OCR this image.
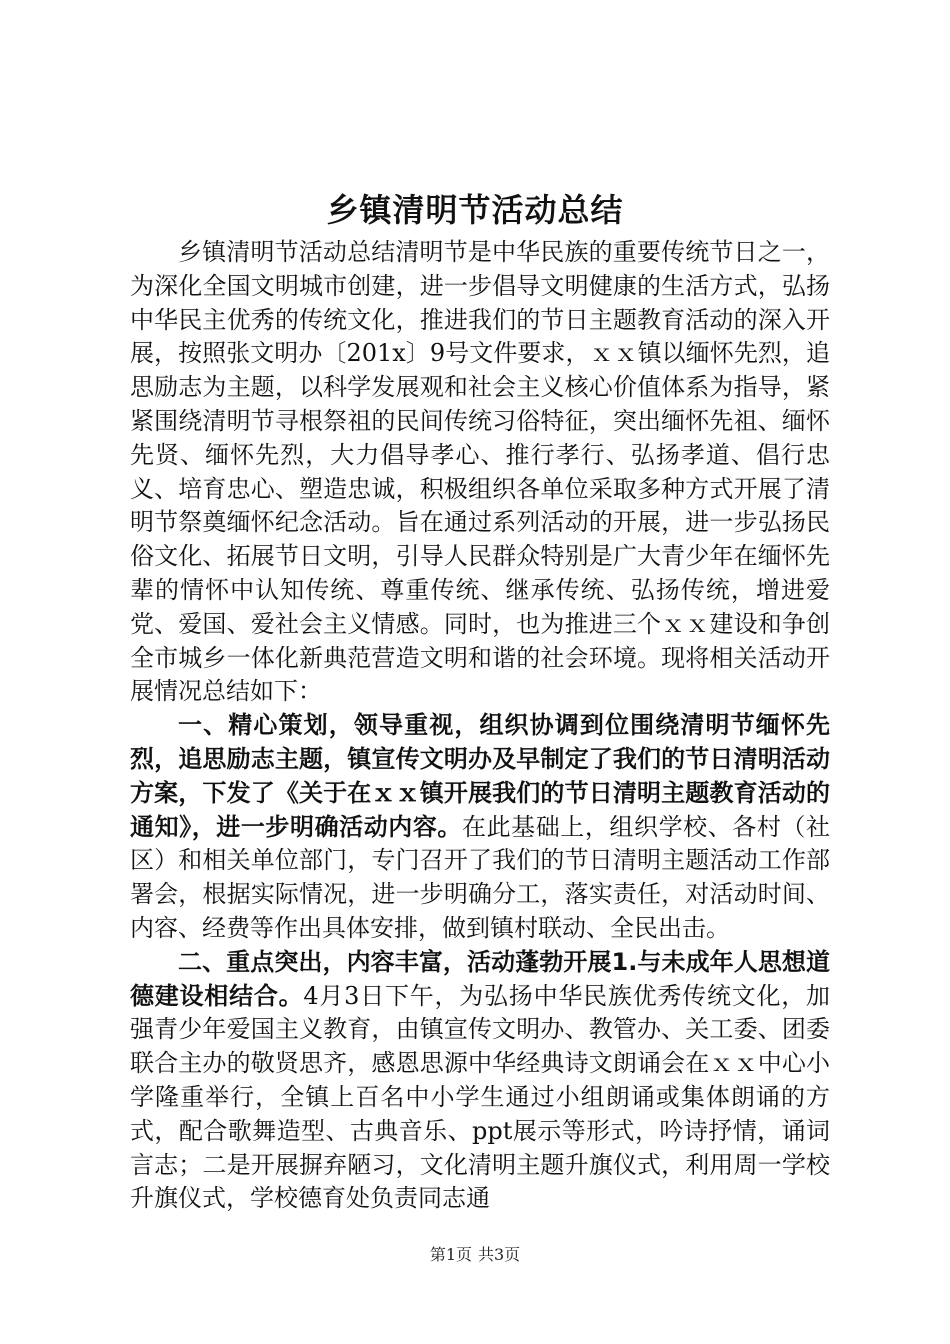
乡镇清明节活动总结

乡镇清明节活动总结清明节是中华民族的重要传统节日之一，为深化全国文明城市创建，进一步倡导文明健康的生活方式，弘扬中华民主优秀的传统文化，推进我们的节日主题教育活动的深入开展，按照张文明办〔201x〕9号文件要求，ｘｘ镇以缅怀先烈，追思励志为主题，以科学发展观和社会主义核心价值体系为指导，紧紧围绕清明节寻根祭祖的民间传统习俗特征，突出缅怀先祖、缅怀先贤、缅怀先烈，大力倡导孝心、推行孝行、弘扬孝道、倡行忠义、培育忠心、塑造忠诚，积极组织各单位采取多种方式开展了清明节祭奠缅怀纪念活动。旨在通过系列活动的开展，进一步弘扬民俗文化、拓展节日文明，引导人民群众特别是广大青少年在缅怀先辈的情怀中认知传统、尊重传统、继承传统、弘扬传统，增进爱党、爱国、爱社会主义情感。同时，也为推进三个ｘｘ建设和争创全市城乡一体化新典范营造文明和谐的社会环境。现将相关活动开展情况总结如下：

一、精心策划，领导重视，组织协调到位围绕清明节缅怀先烈，追思励志主题，镇宣传文明办及早制定了我们的节日清明活动方案，下发了《关于在ｘｘ镇开展我们的节日清明主题教育活动的通知》，进一步明确活动内容。在此基础上，组织学校、各村（社区）和相关单位部门，专门召开了我们的节日清明主题活动工作部署会，根据实际情况，进一步明确分工，落实责任，对活动时间、内容、经费等作出具体安排，做到镇村联动、全民出击。

二、重点突出，内容丰富，活动蓬勃开展1.与未成年人思想道德建设相结合。4月3日下午，为弘扬中华民族优秀传统文化，加强青少年爱国主义教育，由镇宣传文明办、教管办、关工委、团委联合主办的敬贤思齐，感恩思源中华经典诗文朗诵会在ｘｘ中心小学隆重举行，全镇上百名中小学生通过小组朗诵或集体朗诵的方式，配合歌舞造型、古典音乐、ppt展示等形式，吟诗抒情，诵词言志；二是开展摒弃陋习，文化清明主题升旗仪式，利用周一学校升旗仪式，学校德育处负责同志通

第1页 共3页
